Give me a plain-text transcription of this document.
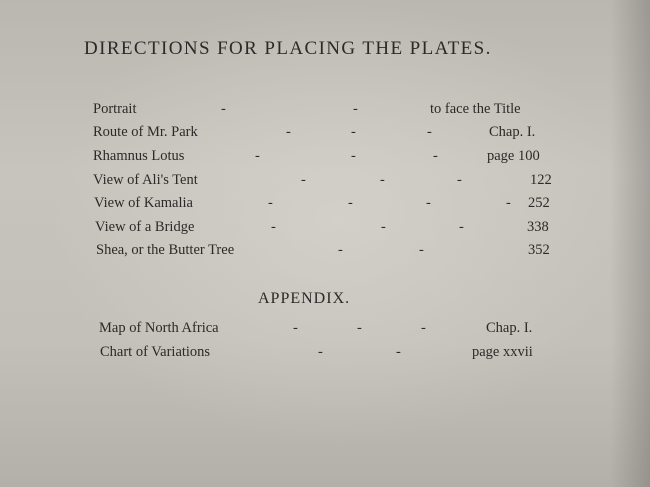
DIRECTIONS FOR PLACING THE PLATES.
Portrait	-	-	to face the Title
Route of Mr. Park	-	-	-	Chap. I.
Rhamnus Lotus	-	-	-	page 100
View of Ali's Tent	-	-	-	122
View of Kamalia	-	-	-	- 252
View of a Bridge	-	-	-	338
Shea, or the Butter Tree	-	-	352
APPENDIX.
Map of North Africa	-	-	-	Chap. I.
Chart of Variations	-	-	page xxvii
